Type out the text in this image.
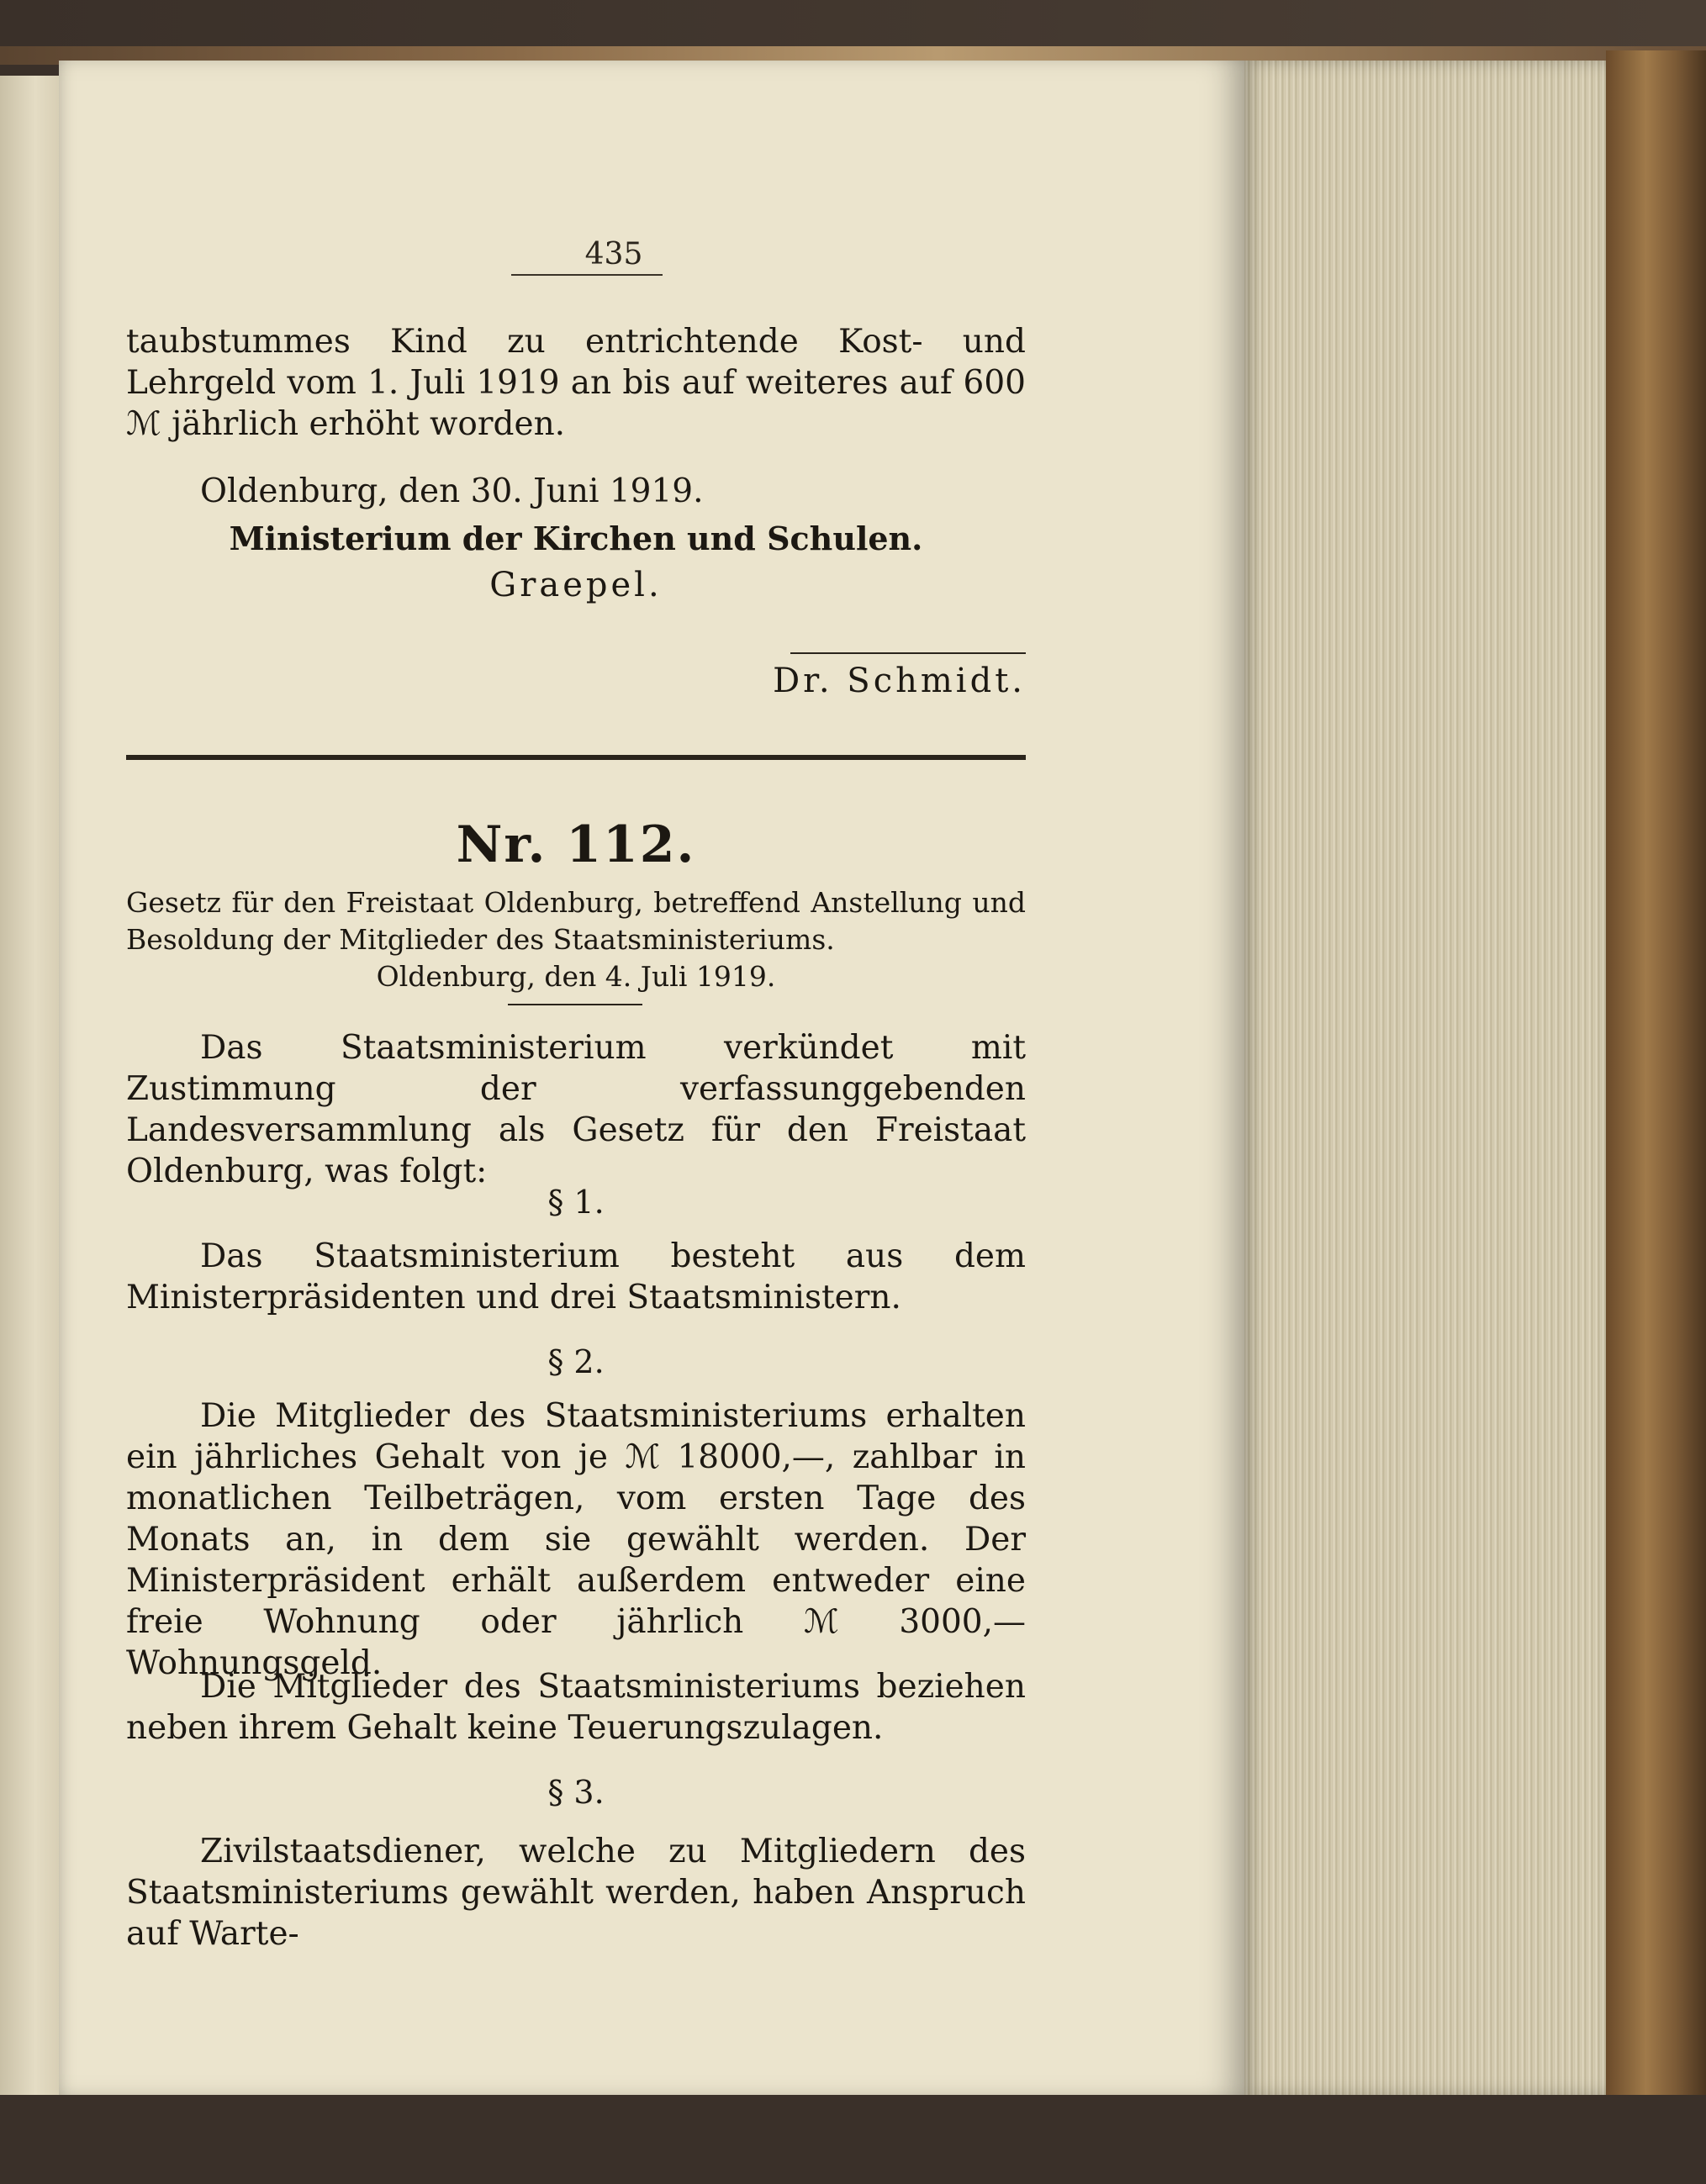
435

taubstummes Kind zu entrichtende Kost- und Lehrgeld vom 1. Juli 1919 an bis auf weiteres auf 600 ℳ jährlich erhöht worden.

Oldenburg, den 30. Juni 1919.

Ministerium der Kirchen und Schulen.

Graepel.

Dr. Schmidt.

Nr. 112.

Gesetz für den Freistaat Oldenburg, betreffend Anstellung und Besoldung der Mitglieder des Staatsministeriums.

Oldenburg, den 4. Juli 1919.

Das Staatsministerium verkündet mit Zustimmung der verfassunggebenden Landesversammlung als Gesetz für den Freistaat Oldenburg, was folgt:

§ 1.

Das Staatsministerium besteht aus dem Ministerpräsidenten und drei Staatsministern.

§ 2.

Die Mitglieder des Staatsministeriums erhalten ein jährliches Gehalt von je ℳ 18000,—, zahlbar in monatlichen Teilbeträgen, vom ersten Tage des Monats an, in dem sie gewählt werden. Der Ministerpräsident erhält außerdem entweder eine freie Wohnung oder jährlich ℳ 3000,— Wohnungsgeld.

Die Mitglieder des Staatsministeriums beziehen neben ihrem Gehalt keine Teuerungszulagen.

§ 3.

Zivilstaatsdiener, welche zu Mitgliedern des Staatsministeriums gewählt werden, haben Anspruch auf Warte-
